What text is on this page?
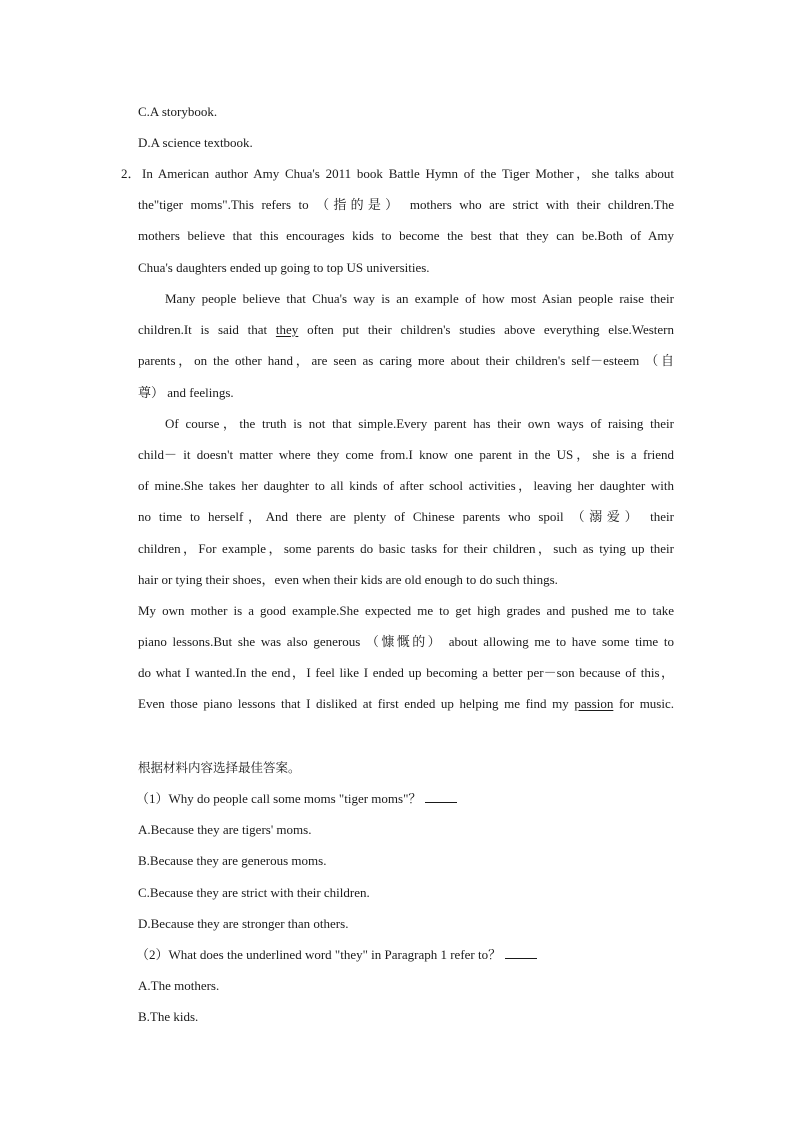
C.A storybook.
D.A science textbook.
2． In American author Amy Chua's 2011 book Battle Hymn of the Tiger Mother，she talks about
the"tiger moms".This refers to （指的是） mothers who are strict with their children.The
mothers believe that this encourages kids to become the best that they can be.Both of Amy
Chua's daughters ended up going to top US universities.
Many people believe that Chua's way is an example of how most Asian people raise their
children.It is said that they often put their children's studies above everything else.Western
parents，on the other hand，are seen as caring more about their children's self－esteem （自
尊） and feelings.
Of course，the truth is not that simple.Every parent has their own ways of raising their
child－ it doesn't matter where they come from.I know one parent in the US，she is a friend
of mine.She takes her daughter to all kinds of after school activities，leaving her daughter with
no time to herself，And there are plenty of Chinese parents who spoil （溺爱） their
children，For example，some parents do basic tasks for their children，such as tying up their
hair or tying their shoes，even when their kids are old enough to do such things.
My own mother is a good example.She expected me to get high grades and pushed me to take
piano lessons.But she was also generous （慷慨的） about allowing me to have some time to
do what I wanted.In the end，I feel like I ended up becoming a better per－son because of this，
Even those piano lessons that I disliked at first ended up helping me find my passion for music.
根据材料内容选择最佳答案。
（1）Why do people call some moms "tiger moms"？
A.Because they are tigers' moms.
B.Because they are generous moms.
C.Because they are strict with their children.
D.Because they are stronger than others.
（2）What does the underlined word "they" in Paragraph 1 refer to？
A.The mothers.
B.The kids.
